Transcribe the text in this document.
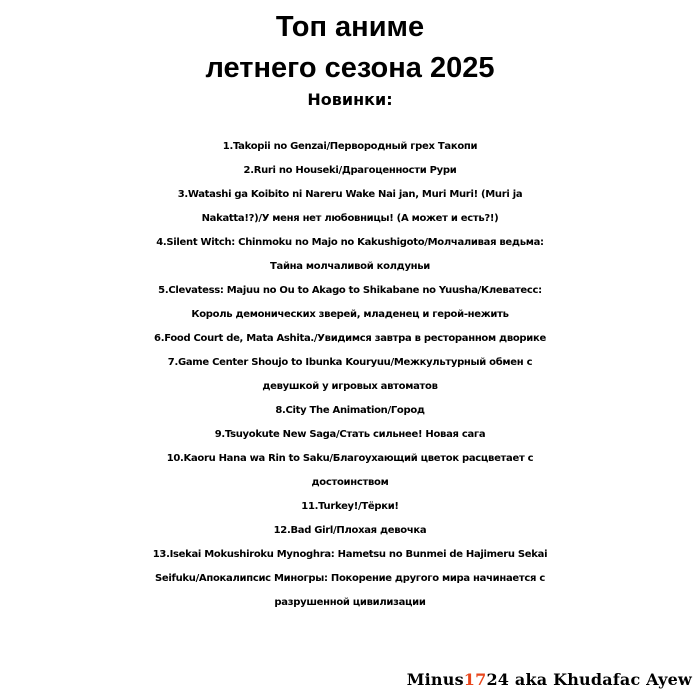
Топ аниме
летнего сезона 2025
Новинки:
1.Takopii no Genzai/Первородный грех Такопи
2.Ruri no Houseki/Драгоценности Рури
3.Watashi ga Koibito ni Nareru Wake Nai jan, Muri Muri! (Muri ja
Nakatta!?)/У меня нет любовницы! (А может и есть?!)
4.Silent Witch: Chinmoku no Majo no Kakushigoto/Молчаливая ведьма:
Тайна молчаливой колдуньи
5.Clevatess: Majuu no Ou to Akago to Shikabane no Yuusha/Клеватесс:
Король демонических зверей, младенец и герой-нежить
6.Food Court de, Mata Ashita./Увидимся завтра в ресторанном дворике
7.Game Center Shoujo to Ibunka Kouryuu/Межкультурный обмен с
девушкой у игровых автоматов
8.City The Animation/Город
9.Tsuyokute New Saga/Стать сильнее! Новая сага
10.Kaoru Hana wa Rin to Saku/Благоухающий цветок расцветает с
достоинством
11.Turkey!/Тёрки!
12.Bad Girl/Плохая девочка
13.Isekai Mokushiroku Mynoghra: Hametsu no Bunmei de Hajimeru Sekai
Seifuku/Апокалипсис Миногры: Покорение другого мира начинается с
разрушенной цивилизации
Minus1724 aka Khudafac Ayew
